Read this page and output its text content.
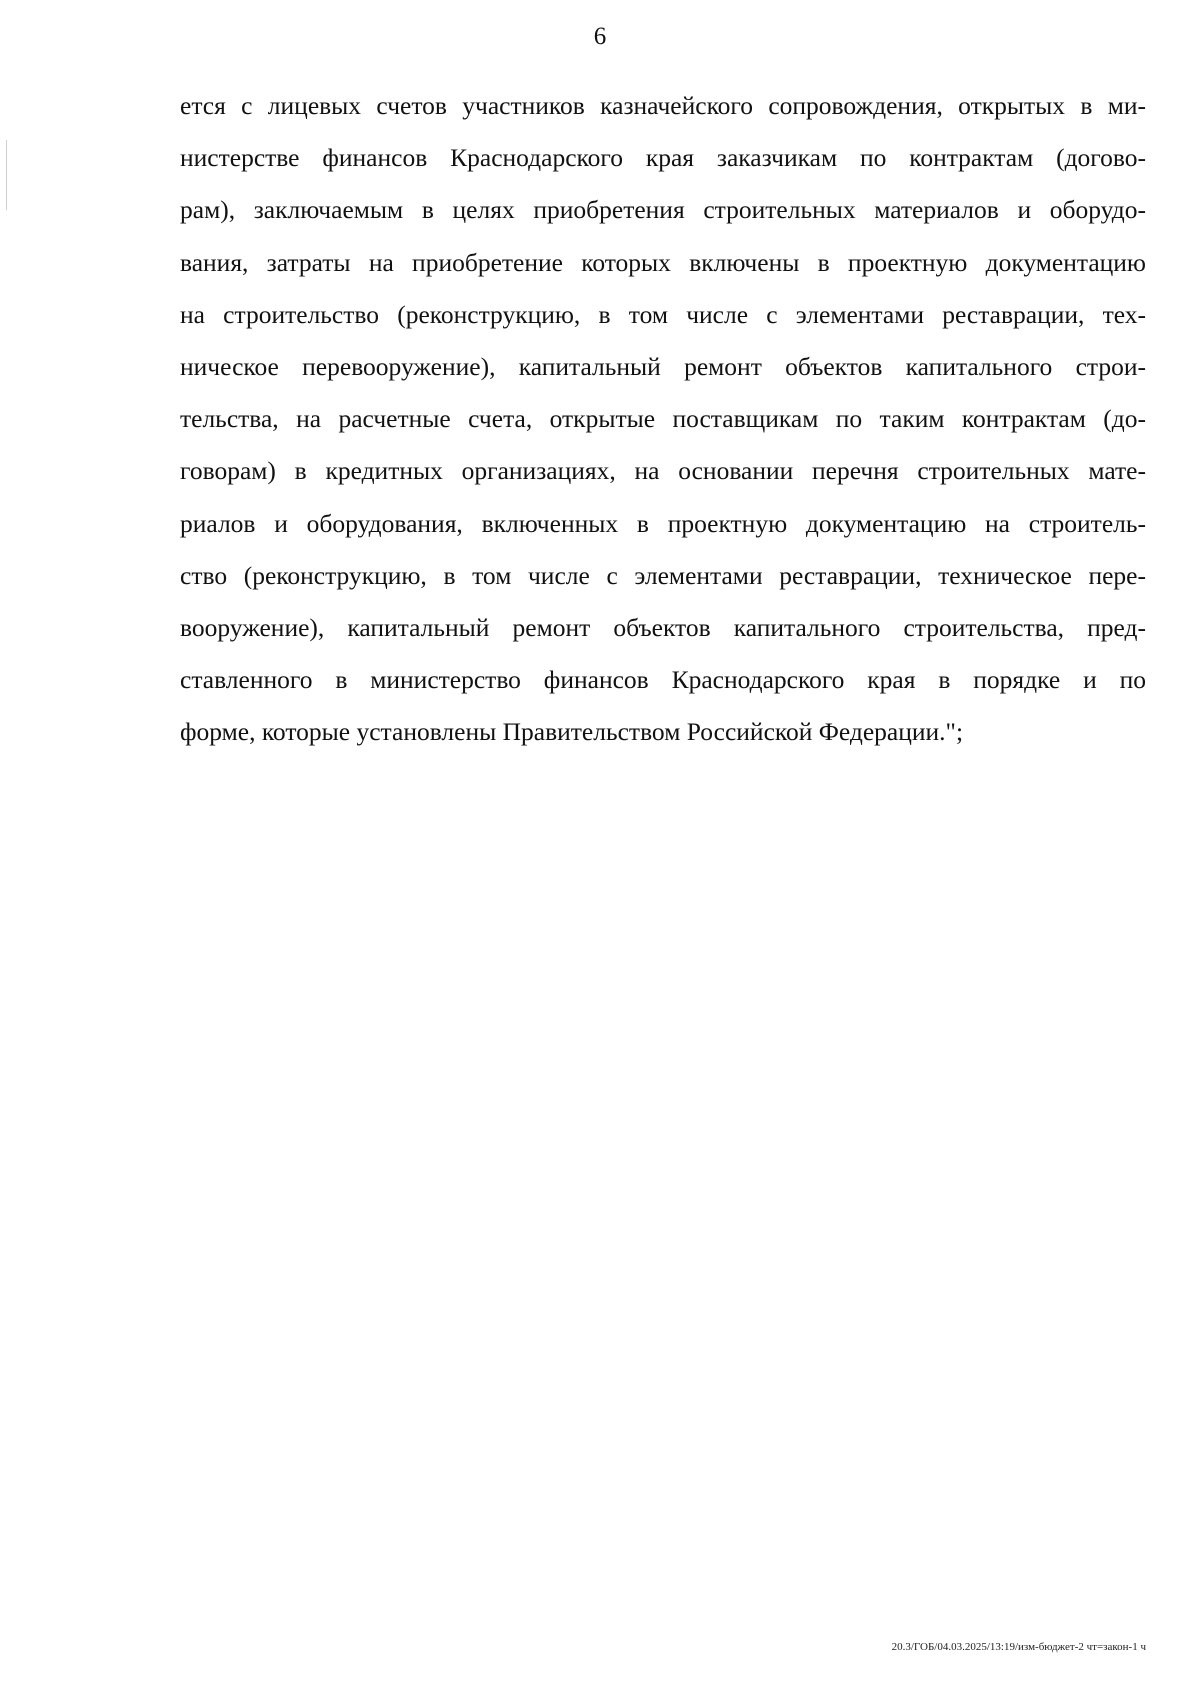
6
ется с лицевых счетов участников казначейского сопровождения, открытых в ми-
нистерстве финансов Краснодарского края заказчикам по контрактам (догово-
рам), заключаемым в целях приобретения строительных материалов и оборудо-
вания, затраты на приобретение которых включены в проектную документацию
на строительство (реконструкцию, в том числе с элементами реставрации, тех-
ническое перевооружение), капитальный ремонт объектов капитального строи-
тельства, на расчетные счета, открытые поставщикам по таким контрактам (до-
говорам) в кредитных организациях, на основании перечня строительных мате-
риалов и оборудования, включенных в проектную документацию на строитель-
ство (реконструкцию, в том числе с элементами реставрации, техническое пере-
вооружение), капитальный ремонт объектов капитального строительства, пред-
ставленного в министерство финансов Краснодарского края в порядке и по
форме, которые установлены Правительством Российской Федерации.";
20.3/ГОБ/04.03.2025/13:19/изм-бюджет-2 чт=закон-1 ч
